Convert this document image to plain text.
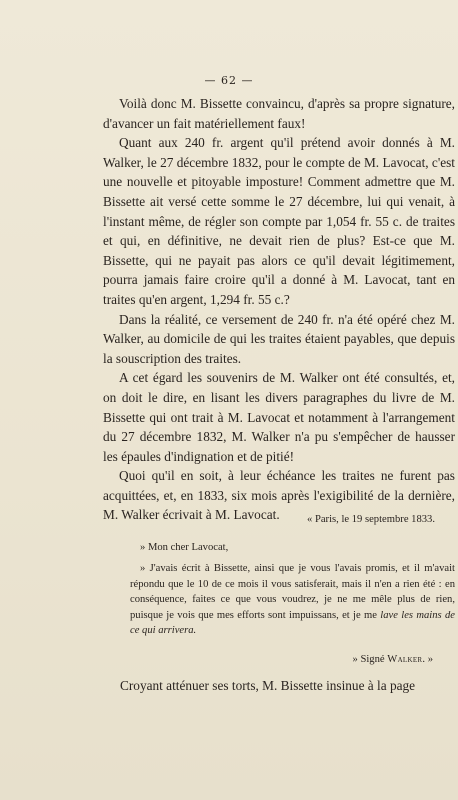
— 62 —

Voilà donc M. Bissette convaincu, d'après sa propre signature, d'avancer un fait matériellement faux!

Quant aux 240 fr. argent qu'il prétend avoir donnés à M. Walker, le 27 décembre 1832, pour le compte de M. Lavocat, c'est une nouvelle et pitoyable imposture! Comment admettre que M. Bissette ait versé cette somme le 27 décembre, lui qui venait, à l'instant même, de régler son compte par 1,054 fr. 55 c. de traites et qui, en définitive, ne devait rien de plus? Est-ce que M. Bissette, qui ne payait pas alors ce qu'il devait légitimement, pourra jamais faire croire qu'il a donné à M. Lavocat, tant en traites qu'en argent, 1,294 fr. 55 c.?

Dans la réalité, ce versement de 240 fr. n'a été opéré chez M. Walker, au domicile de qui les traites étaient payables, que depuis la souscription des traites.

A cet égard les souvenirs de M. Walker ont été consultés, et, on doit le dire, en lisant les divers paragraphes du livre de M. Bissette qui ont trait à M. Lavocat et notamment à l'arrangement du 27 décembre 1832, M. Walker n'a pu s'empêcher de hausser les épaules d'indignation et de pitié!

Quoi qu'il en soit, à leur échéance les traites ne furent pas acquittées, et, en 1833, six mois après l'exigibilité de la dernière, M. Walker écrivait à M. Lavocat.	« Paris, le 19 septembre 1833.

» Mon cher Lavocat,

» J'avais écrit à Bissette, ainsi que je vous l'avais promis, et il m'avait répondu que le 10 de ce mois il vous satisferait, mais il n'en a rien été : en conséquence, faites ce que vous voudrez, je ne me mêle plus de rien, puisque je vois que mes efforts sont impuissans, et je me lave les mains de ce qui arrivera.

» Signé Walker. »

Croyant atténuer ses torts, M. Bissette insinue à la page
